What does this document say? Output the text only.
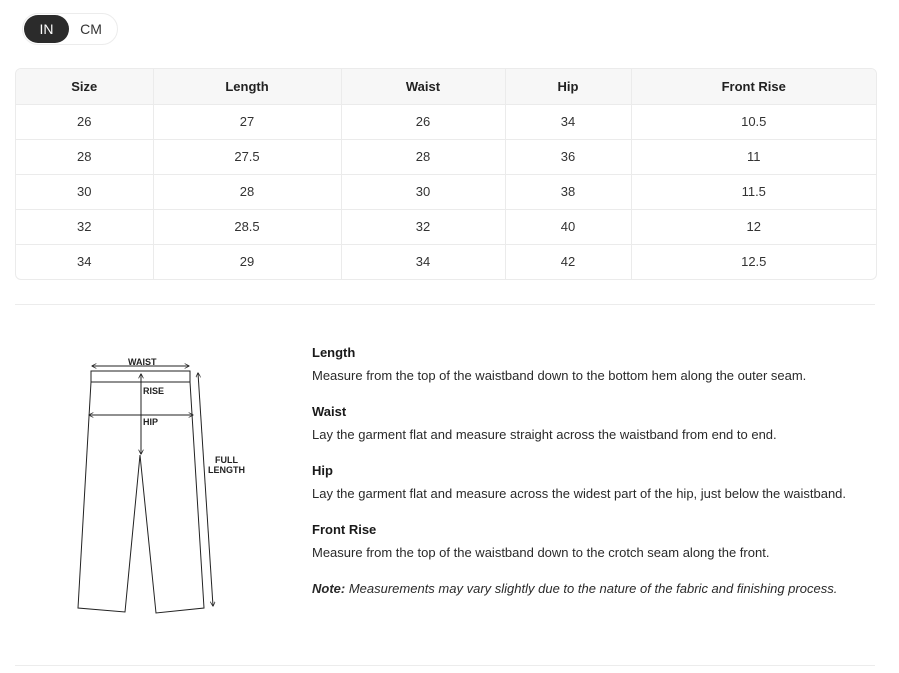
IN	CM
Size	Length	Waist	Hip	Front Rise
26	27	26	34	10.5
28	27.5	28	36	11
30	28	30	38	11.5
32	28.5	32	40	12
34	29	34	42	12.5
WAIST
RISE
HIP
FULL
LENGTH
Length
Measure from the top of the waistband down to the bottom hem along the outer seam.
Waist
Lay the garment flat and measure straight across the waistband from end to end.
Hip
Lay the garment flat and measure across the widest part of the hip, just below the waistband.
Front Rise
Measure from the top of the waistband down to the crotch seam along the front.
Note: Measurements may vary slightly due to the nature of the fabric and finishing process.
